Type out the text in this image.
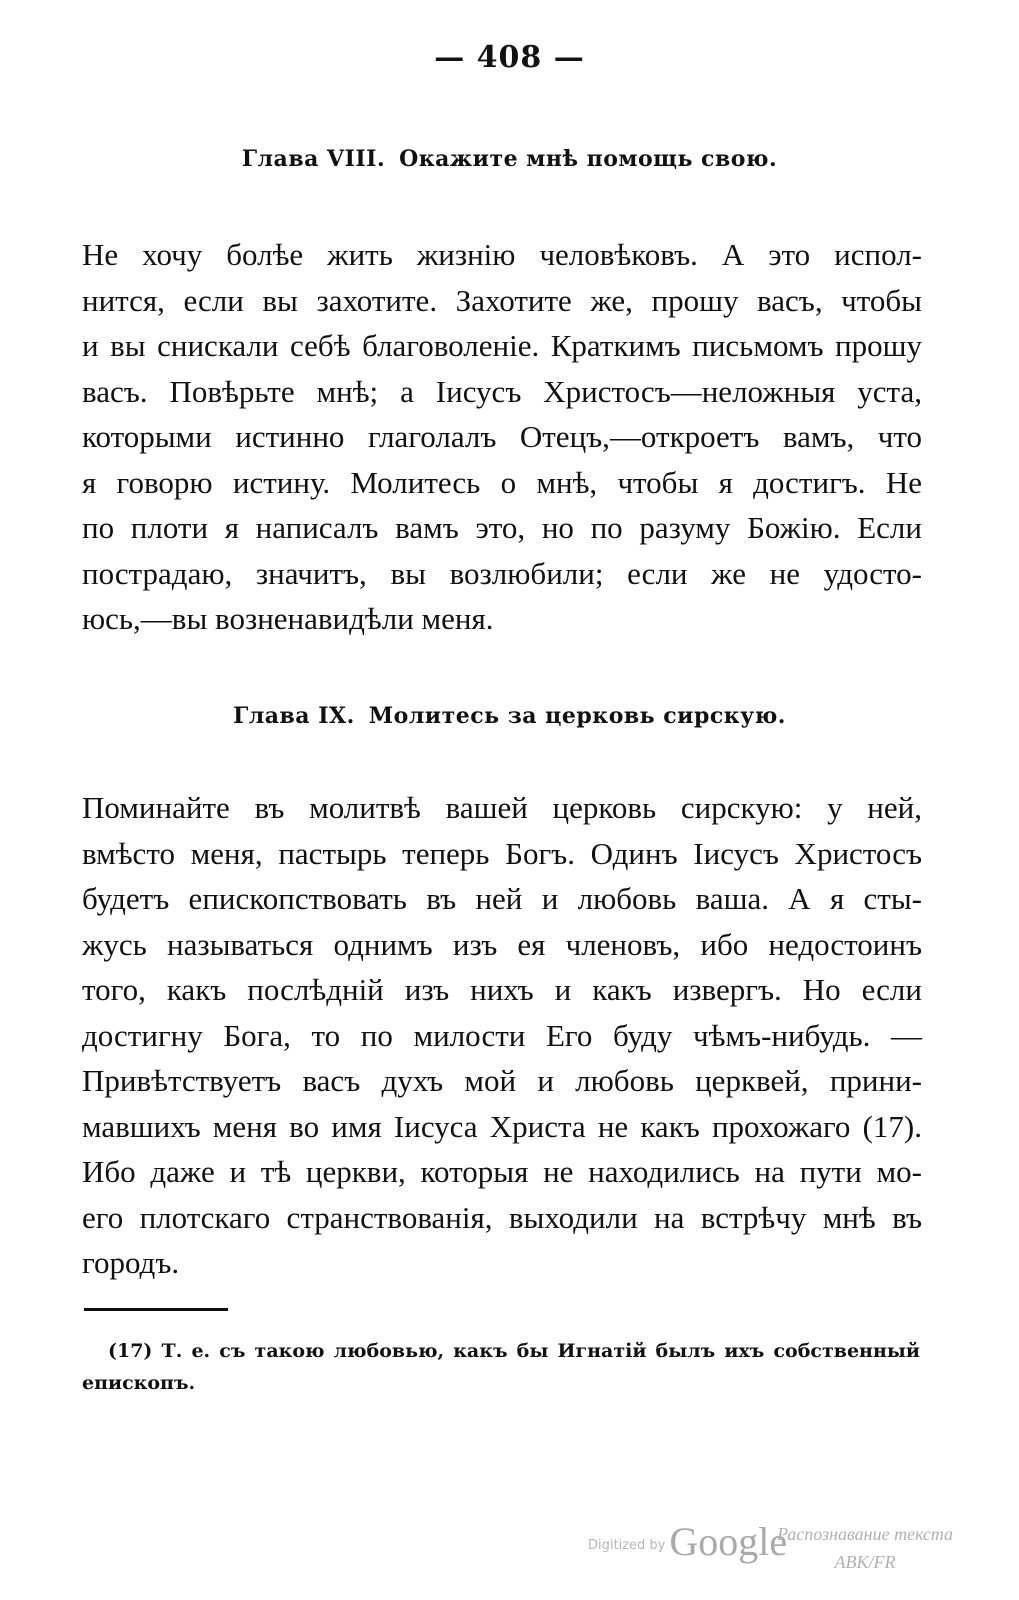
— 408 —
Глава VIII. Окажите мнѣ помощь свою.
Не хочу болѣе жить жизнію человѣковъ. А это испол-
нится, если вы захотите. Захотите же, прошу васъ, чтобы
и вы снискали себѣ благоволеніе. Краткимъ письмомъ прошу
васъ. Повѣрьте мнѣ; а Іисусъ Христосъ—неложныя уста,
которыми истинно глаголалъ Отецъ,—откроетъ вамъ, что
я говорю истину. Молитесь о мнѣ, чтобы я достигъ. Не
по плоти я написалъ вамъ это, но по разуму Божію. Если
пострадаю, значитъ, вы возлюбили; если же не удосто-
юсь,—вы возненавидѣли меня.
Глава IX. Молитесь за церковь сирскую.
Поминайте въ молитвѣ вашей церковь сирскую: у ней,
вмѣсто меня, пастырь теперь Богъ. Одинъ Іисусъ Христосъ
будетъ епископствовать въ ней и любовь ваша. А я сты-
жусь называться однимъ изъ ея членовъ, ибо недостоинъ
того, какъ послѣдній изъ нихъ и какъ извергъ. Но если
достигну Бога, то по милости Его буду чѣмъ-нибудь. —
Привѣтствуетъ васъ духъ мой и любовь церквей, прини-
мавшихъ меня во имя Іисуса Христа не какъ прохожаго (17).
Ибо даже и тѣ церкви, которыя не находились на пути мо-
его плотскаго странствованія, выходили на встрѣчу мнѣ въ
городъ.
(17) Т. е. съ такою любовью, какъ бы Игнатій былъ ихъ собственный
епископъ.
$^{Digitized by}$ Google
Распознавание текста
ABK/FR
